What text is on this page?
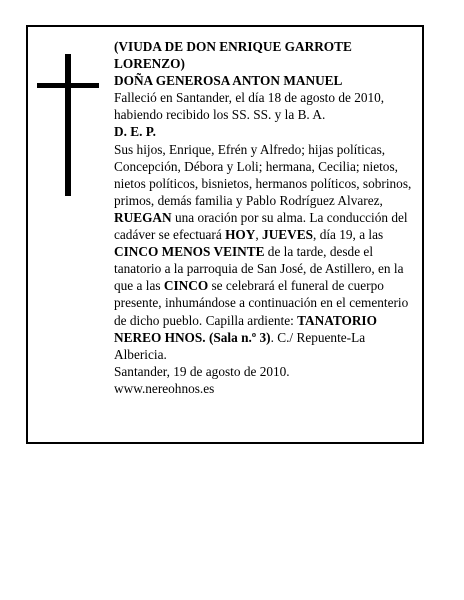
(VIUDA DE DON ENRIQUE GARROTE LORENZO)

DOÑA GENEROSA ANTON MANUEL

Falleció en Santander, el día 18 de agosto de 2010, habiendo recibido los SS. SS. y la B. A.

D. E. P.

Sus hijos, Enrique, Efrén y Alfredo; hijas políticas, Concepción, Débora y Loli; hermana, Cecilia; nietos, nietos políticos, bisnietos, hermanos políticos, sobrinos, primos, demás familia y Pablo Rodríguez Alvarez, RUEGAN una oración por su alma. La conducción del cadáver se efectuará HOY, JUEVES, día 19, a las CINCO MENOS VEINTE de la tarde, desde el tanatorio a la parroquia de San José, de Astillero, en la que a las CINCO se celebrará el funeral de cuerpo presente, inhumándose a continuación en el cementerio de dicho pueblo. Capilla ardiente: TANATORIO NEREO HNOS. (Sala n.º 3). C./ Repuente-La Albericia.

Santander, 19 de agosto de 2010.

www.nereohnos.es
